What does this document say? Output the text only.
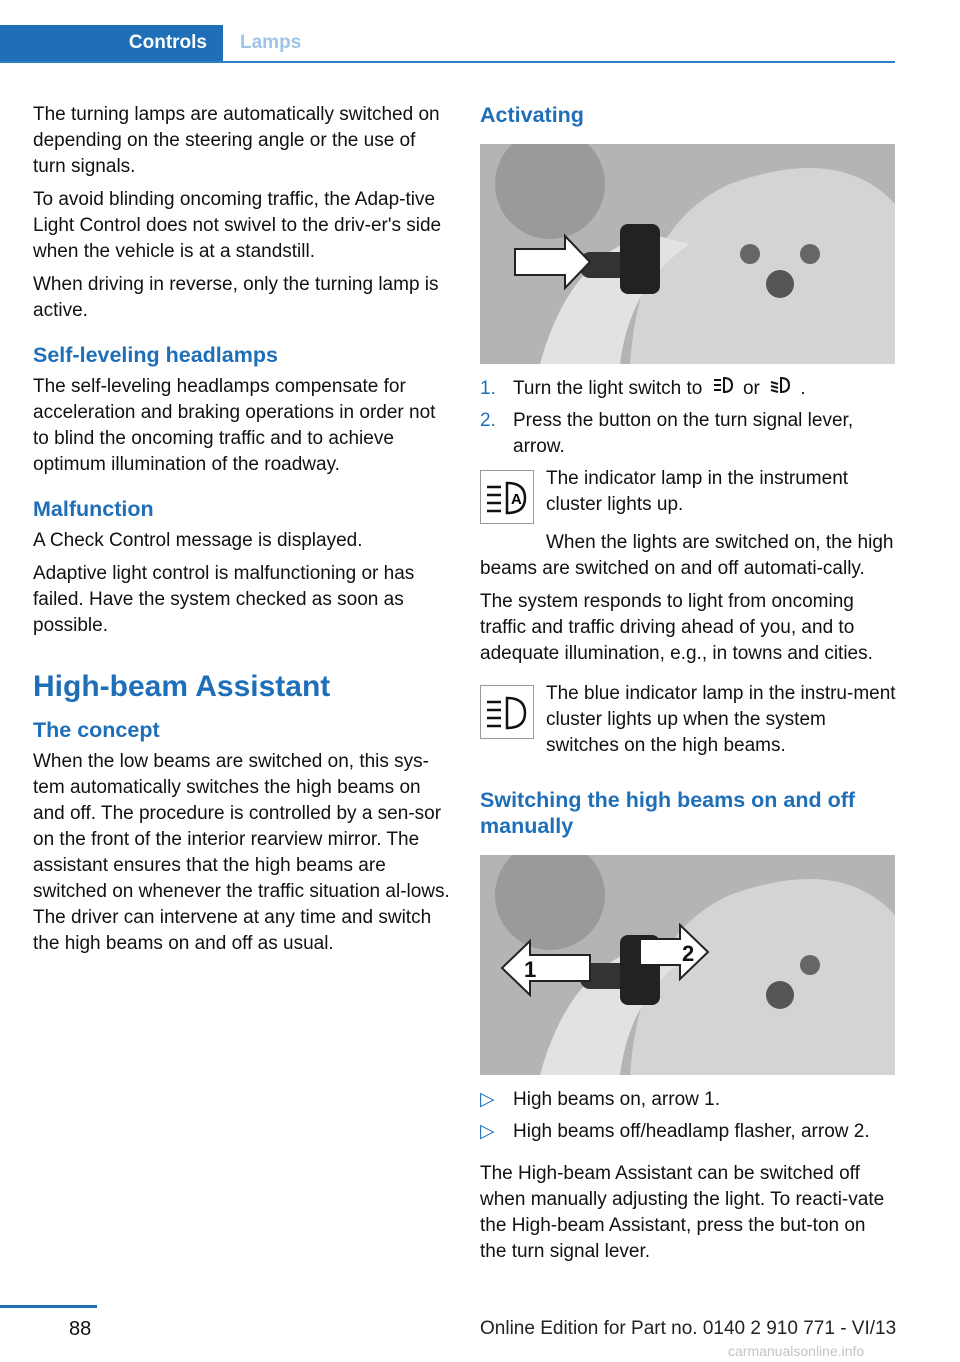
Controls	Lamps

The turning lamps are automatically switched on depending on the steering angle or the use of turn signals.

To avoid blinding oncoming traffic, the Adap‐tive Light Control does not swivel to the driv‐er's side when the vehicle is at a standstill.

When driving in reverse, only the turning lamp is active.

Self-leveling headlamps

The self-leveling headlamps compensate for acceleration and braking operations in order not to blind the oncoming traffic and to achieve optimum illumination of the roadway.

Malfunction

A Check Control message is displayed.

Adaptive light control is malfunctioning or has failed. Have the system checked as soon as possible.

High-beam Assistant
The concept

When the low beams are switched on, this sys‐tem automatically switches the high beams on and off. The procedure is controlled by a sen‐sor on the front of the interior rearview mirror. The assistant ensures that the high beams are switched on whenever the traffic situation al‐lows. The driver can intervene at any time and switch the high beams on and off as usual.

Activating
1. Turn the light switch to or .
2. Press the button on the turn signal lever, arrow.
A
The indicator lamp in the instrument cluster lights up.

When the lights are switched on, the high beams are switched on and off automati‐cally.

The system responds to light from oncoming traffic and traffic driving ahead of you, and to adequate illumination, e.g., in towns and cities.

The blue indicator lamp in the instru‐ment cluster lights up when the system switches on the high beams.
Switching the high beams on and off manually
1
2
▷ High beams on, arrow 1.
▷ High beams off/headlamp flasher, arrow 2.

The High-beam Assistant can be switched off when manually adjusting the light. To reacti‐vate the High-beam Assistant, press the but‐ton on the turn signal lever.

88	Online Edition for Part no. 0140 2 910 771 - VI/13
carmanualsonline.info
